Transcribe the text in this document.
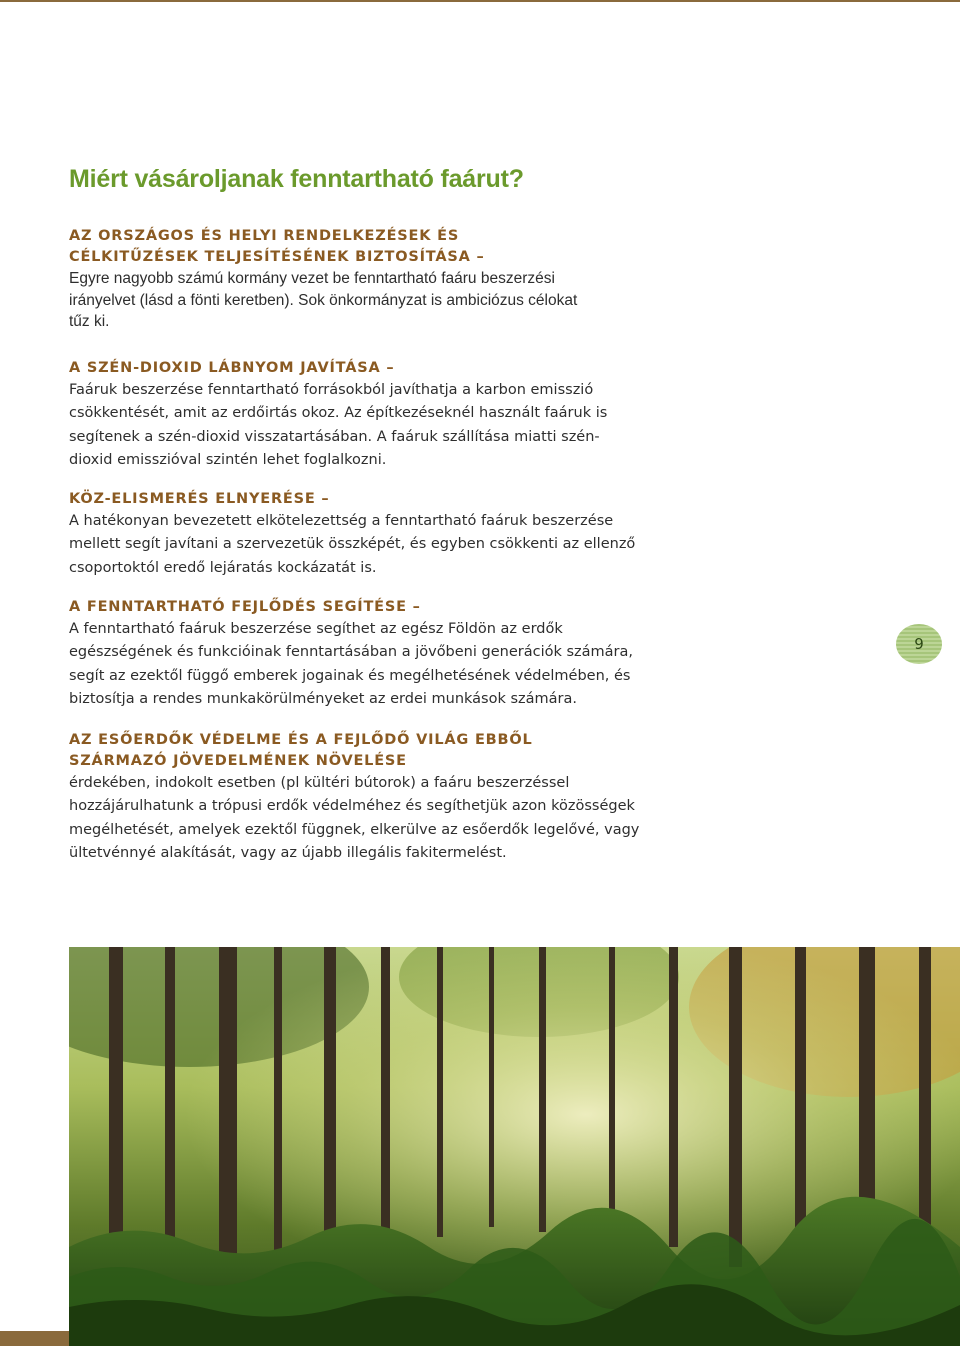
Miért vásároljanak fenntartható faárut?
AZ ORSZÁGOS ÉS HELYI RENDELKEZÉSEK ÉS CÉLKITŰZÉSEK TELJESÍTÉSÉNEK BIZTOSÍTÁSA –

Egyre nagyobb számú kormány vezet be fenntartható faáru beszerzési irányelvet (lásd a fönti keretben). Sok önkormányzat is ambiciózus célokat tűz ki.

A SZÉN-DIOXID LÁBNYOM JAVÍTÁSA –

Faáruk beszerzése fenntartható forrásokból javíthatja a karbon emisszió csökkentését, amit az erdőirtás okoz. Az építkezéseknél használt faáruk is segítenek a szén-dioxid visszatartásában. A faáruk szállítása miatti szén-dioxid emisszióval szintén lehet foglalkozni.

KÖZ-ELISMERÉS ELNYERÉSE –

A hatékonyan bevezetett elkötelezettség a fenntartható faáruk beszerzése mellett segít javítani a szervezetük összképét, és egyben csökkenti az ellenző csoportoktól eredő lejáratás kockázatát is.

A FENNTARTHATÓ FEJLŐDÉS SEGÍTÉSE –

A fenntartható faáruk beszerzése segíthet az egész Földön az erdők egészségének és funkcióinak fenntartásában a jövőbeni generációk számára, segít az ezektől függő emberek jogainak és megélhetésének védelmében, és biztosítja a rendes munkakörülményeket az erdei munkások számára.

AZ ESŐERDŐK VÉDELME ÉS A FEJLŐDŐ VILÁG EBBŐL SZÁRMAZÓ JÖVEDELMÉNEK NÖVELÉSE

érdekében, indokolt esetben (pl kültéri bútorok) a faáru beszerzéssel hozzájárulhatunk a trópusi erdők védelméhez és segíthetjük azon közösségek megélhetését, amelyek ezektől függnek, elkerülve az esőerdők legelővé, vagy ültetvénnyé alakítását, vagy az újabb illegális fakitermelést.

9
